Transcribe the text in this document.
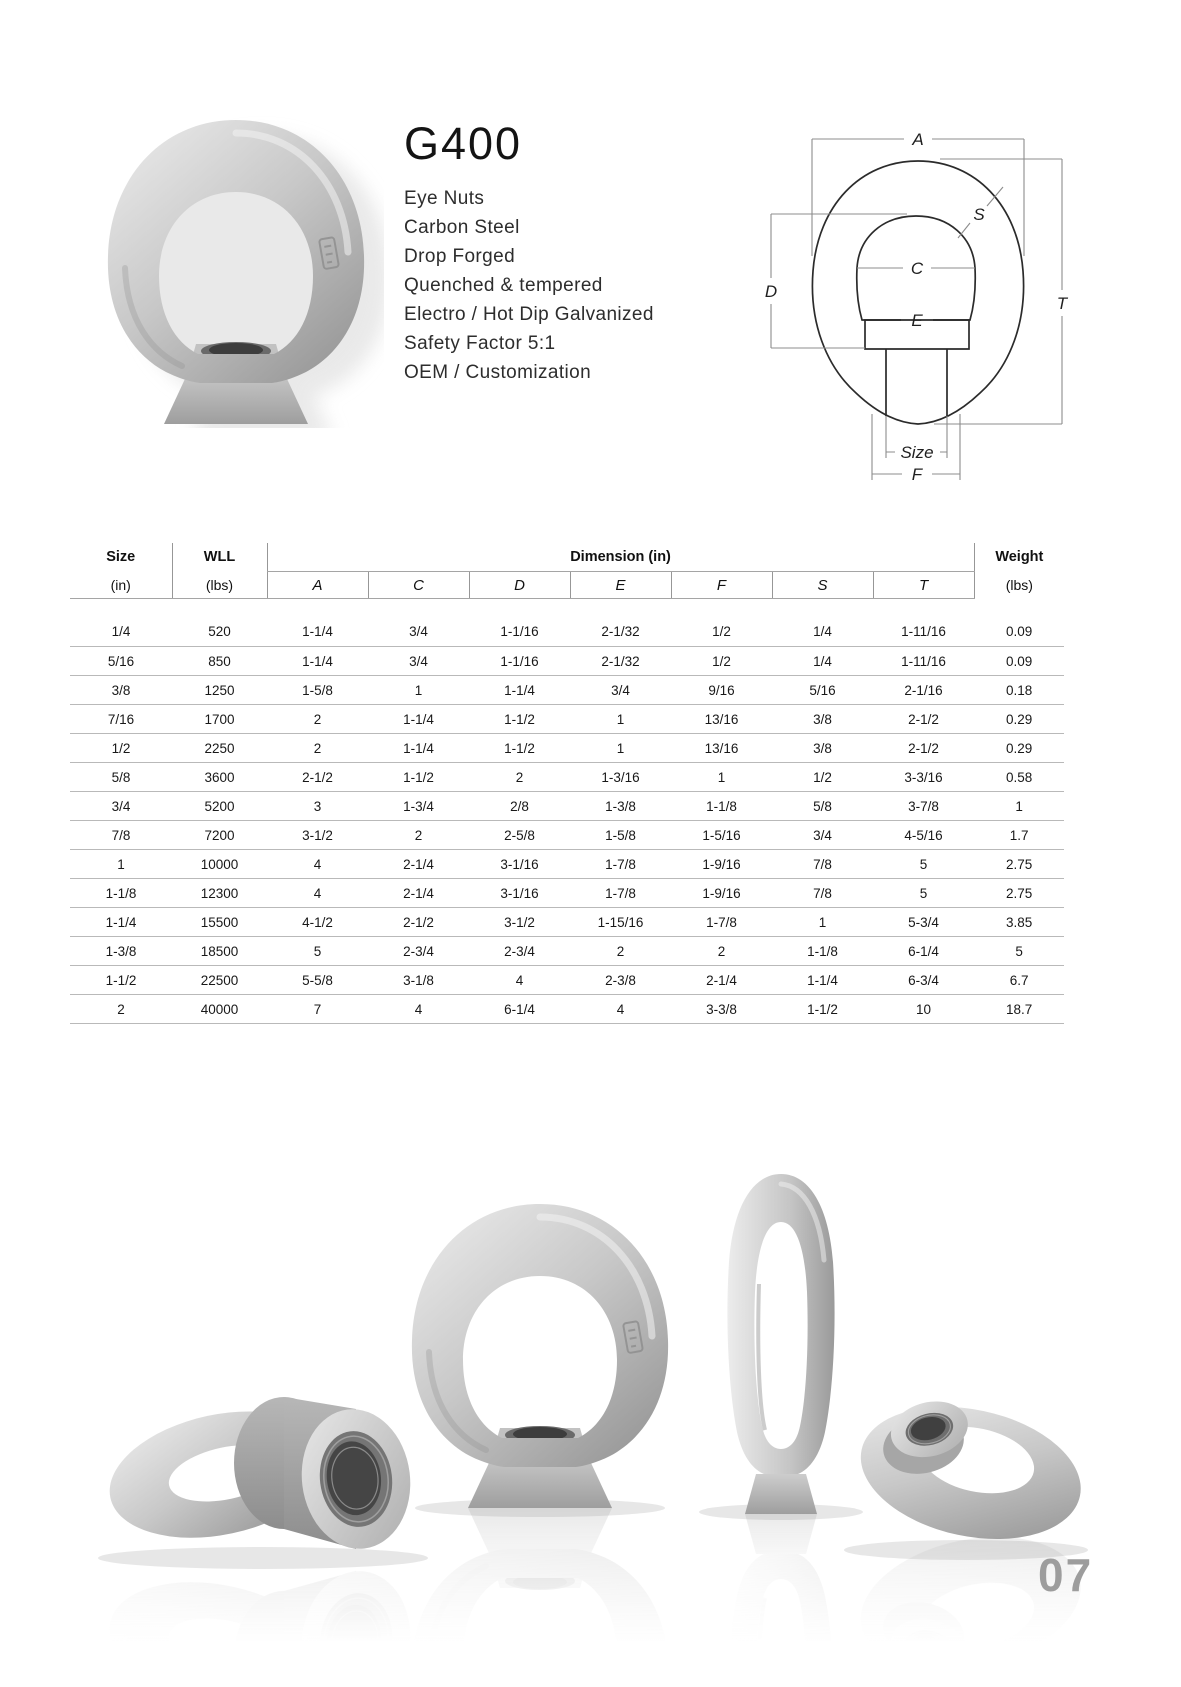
G400
Eye Nuts
Carbon Steel
Drop Forged
Quenched & tempered
Electro / Hot Dip Galvanized
Safety Factor 5:1
OEM / Customization
A
S
C
D
E
T
Size
F
Size	WLL	Dimension (in)							Weight
(in)	(lbs)	A	C	D	E	F	S	T	(lbs)
1/4	520	1-1/4	3/4	1-1/16	2-1/32	1/2	1/4	1-11/16	0.09
5/16	850	1-1/4	3/4	1-1/16	2-1/32	1/2	1/4	1-11/16	0.09
3/8	1250	1-5/8	1	1-1/4	3/4	9/16	5/16	2-1/16	0.18
7/16	1700	2	1-1/4	1-1/2	1	13/16	3/8	2-1/2	0.29
1/2	2250	2	1-1/4	1-1/2	1	13/16	3/8	2-1/2	0.29
5/8	3600	2-1/2	1-1/2	2	1-3/16	1	1/2	3-3/16	0.58
3/4	5200	3	1-3/4	2/8	1-3/8	1-1/8	5/8	3-7/8	1
7/8	7200	3-1/2	2	2-5/8	1-5/8	1-5/16	3/4	4-5/16	1.7
1	10000	4	2-1/4	3-1/16	1-7/8	1-9/16	7/8	5	2.75
1-1/8	12300	4	2-1/4	3-1/16	1-7/8	1-9/16	7/8	5	2.75
1-1/4	15500	4-1/2	2-1/2	3-1/2	1-15/16	1-7/8	1	5-3/4	3.85
1-3/8	18500	5	2-3/4	2-3/4	2	2	1-1/8	6-1/4	5
1-1/2	22500	5-5/8	3-1/8	4	2-3/8	2-1/4	1-1/4	6-3/4	6.7
2	40000	7	4	6-1/4	4	3-3/8	1-1/2	10	18.7
07
